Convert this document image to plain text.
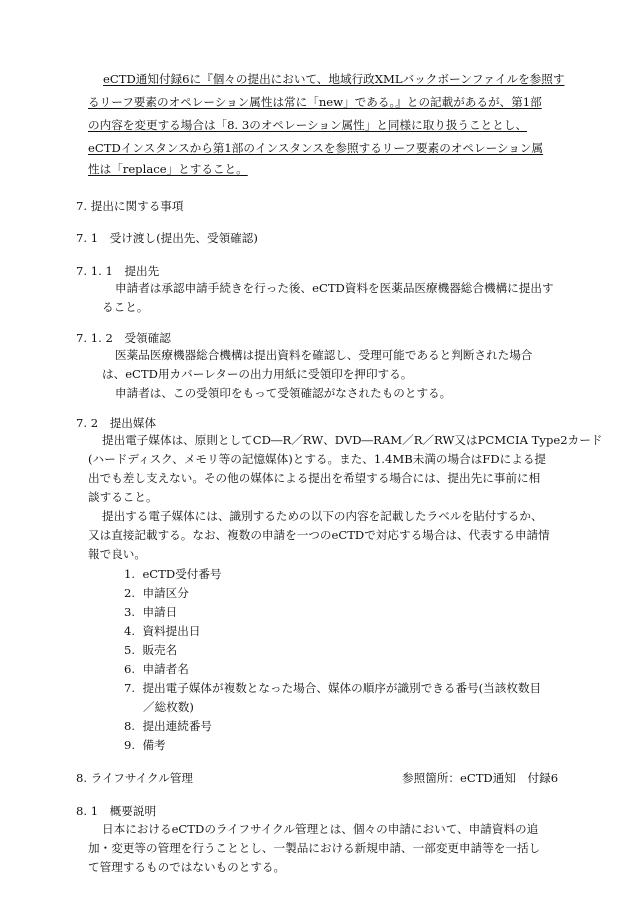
eCTD通知付録6に『個々の提出において、地域行政XMLバックボーンファイルを参照す
るリーフ要素のオペレーション属性は常に「new」である。』との記載があるが、第1部
の内容を変更する場合は「8. 3のオペレーション属性」と同様に取り扱うこととし、
eCTDインスタンスから第1部のインスタンスを参照するリーフ要素のオペレーション属
性は「replace」とすること。
7. 提出に関する事項
7. 1　受け渡し(提出先、受領確認)
7. 1. 1　提出先
申請者は承認申請手続きを行った後、eCTD資料を医薬品医療機器総合機構に提出す
ること。
7. 1. 2　受領確認
医薬品医療機器総合機構は提出資料を確認し、受理可能であると判断された場合
は、eCTD用カバーレターの出力用紙に受領印を押印する。
申請者は、この受領印をもって受領確認がなされたものとする。
7. 2　提出媒体
提出電子媒体は、原則としてCD―R／RW、DVD―RAM／R／RW又はPCMCIA Type2カード
(ハードディスク、メモリ等の記憶媒体)とする。また、1.4MB未満の場合はFDによる提
出でも差し支えない。その他の媒体による提出を希望する場合には、提出先に事前に相
談すること。
提出する電子媒体には、識別するための以下の内容を記載したラベルを貼付するか、
又は直接記載する。なお、複数の申請を一つのeCTDで対応する場合は、代表する申請情
報で良い。
1. eCTD受付番号
2. 申請区分
3. 申請日
4. 資料提出日
5. 販売名
6. 申請者名
7. 提出電子媒体が複数となった場合、媒体の順序が識別できる番号(当該枚数目
／総枚数)
8. 提出連続番号
9. 備考
8. ライフサイクル管理	参照箇所：eCTD通知　付録6
8. 1　概要説明
日本におけるeCTDのライフサイクル管理とは、個々の申請において、申請資料の追
加・変更等の管理を行うこととし、一製品における新規申請、一部変更申請等を一括し
て管理するものではないものとする。
